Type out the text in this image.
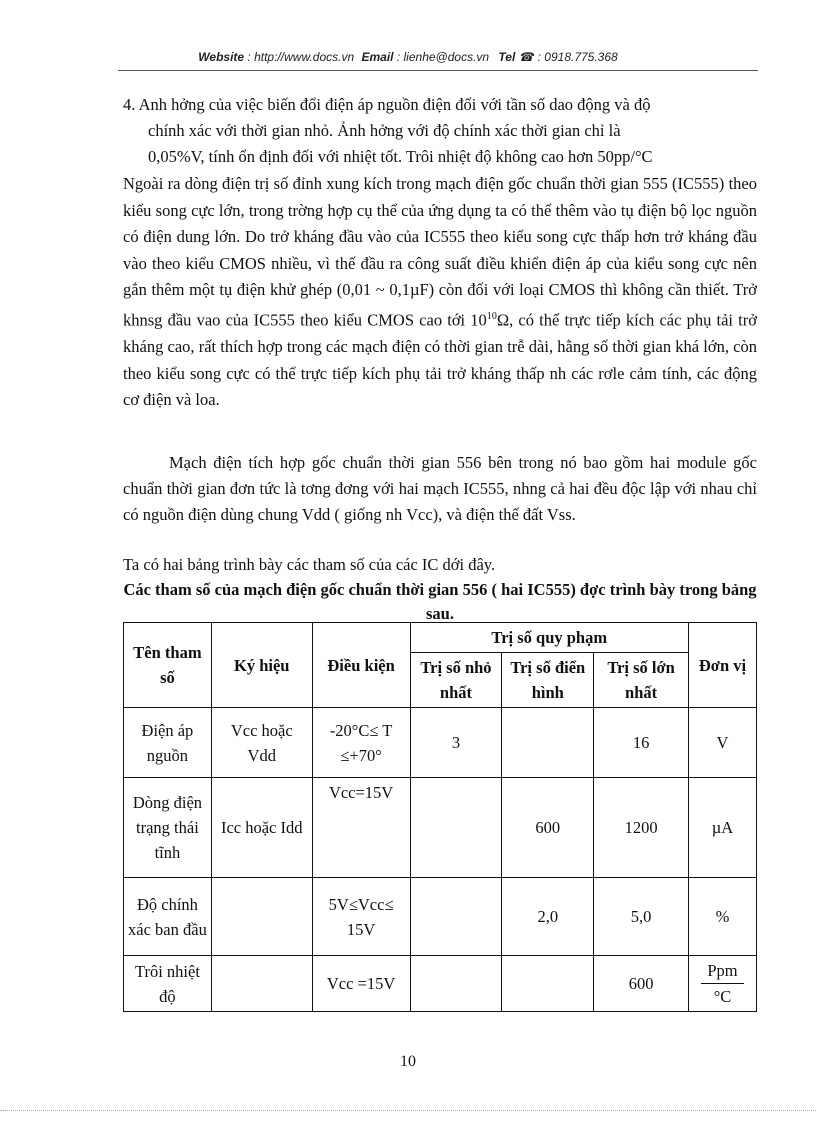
Website : http://www.docs.vn Email : lienhe@docs.vn Tel ☎ : 0918.775.368

4. Anh hởng của việc biến đổi điện áp nguồn điện đối với tần số dao động và độ

chính xác với thời gian nhỏ. Ảnh hởng với độ chính xác thời gian chỉ là

0,05%V, tính ổn định đối với nhiệt tốt. Trôi nhiệt độ không cao hơn 50pp/°C

Ngoài ra dòng điện trị số đỉnh xung kích trong mạch điện gốc chuẩn thời gian 555 (IC555) theo kiểu song cực lớn, trong trờng hợp cụ thể của ứng dụng ta có thể thêm vào tụ điện bộ lọc nguồn có điện dung lớn. Do trở kháng đầu vào của IC555 theo kiểu song cực thấp hơn trở kháng đầu vào theo kiểu CMOS nhiều, vì thế đầu ra công suất điều khiển điện áp của kiểu song cực nên gắn thêm một tụ điện khử ghép (0,01 ~ 0,1µF) còn đối với loại CMOS thì không cần thiết. Trở khnsg đầu vao của IC555 theo kiểu CMOS cao tới $10^{10}\Omega$, có thể trực tiếp kích các phụ tải trở kháng cao, rất thích hợp trong các mạch điện có thời gian trễ dài, hằng số thời gian khá lớn, còn theo kiểu song cực có thể trực tiếp kích phụ tải trở kháng thấp nh các rơle cảm tính, các động cơ điện và loa.

Mạch điện tích hợp gốc chuẩn thời gian 556 bên trong nó bao gồm hai module gốc chuẩn thời gian đơn tức là tơng đơng với hai mạch IC555, nhng cả hai đều độc lập với nhau chỉ có nguồn điện dùng chung Vdd ( giống nh Vcc), và điện thế đất Vss.

Ta có hai bảng trình bày các tham số của các IC dới đây.

Các tham số của mạch điện gốc chuẩn thời gian 556 ( hai IC555) đợc trình bày trong bảng sau.

Tên tham số	Ký hiệu	Điều kiện	Trị số quy phạm			Đơn vị
			Trị số nhỏ nhất	Trị số điển hình	Trị số lớn nhất	
Điện áp nguồn	Vcc hoặc Vdd	-20°C≤ T ≤+70°	3		16	V
Dòng điện trạng thái tĩnh	Icc hoặc Idd	Vcc=15V		600	1200	µA
Độ chính xác ban đầu		5V≤Vcc≤ 15V		2,0	5,0	%
Trôi nhiệt độ		Vcc =15V			600	Ppm
°C
10
